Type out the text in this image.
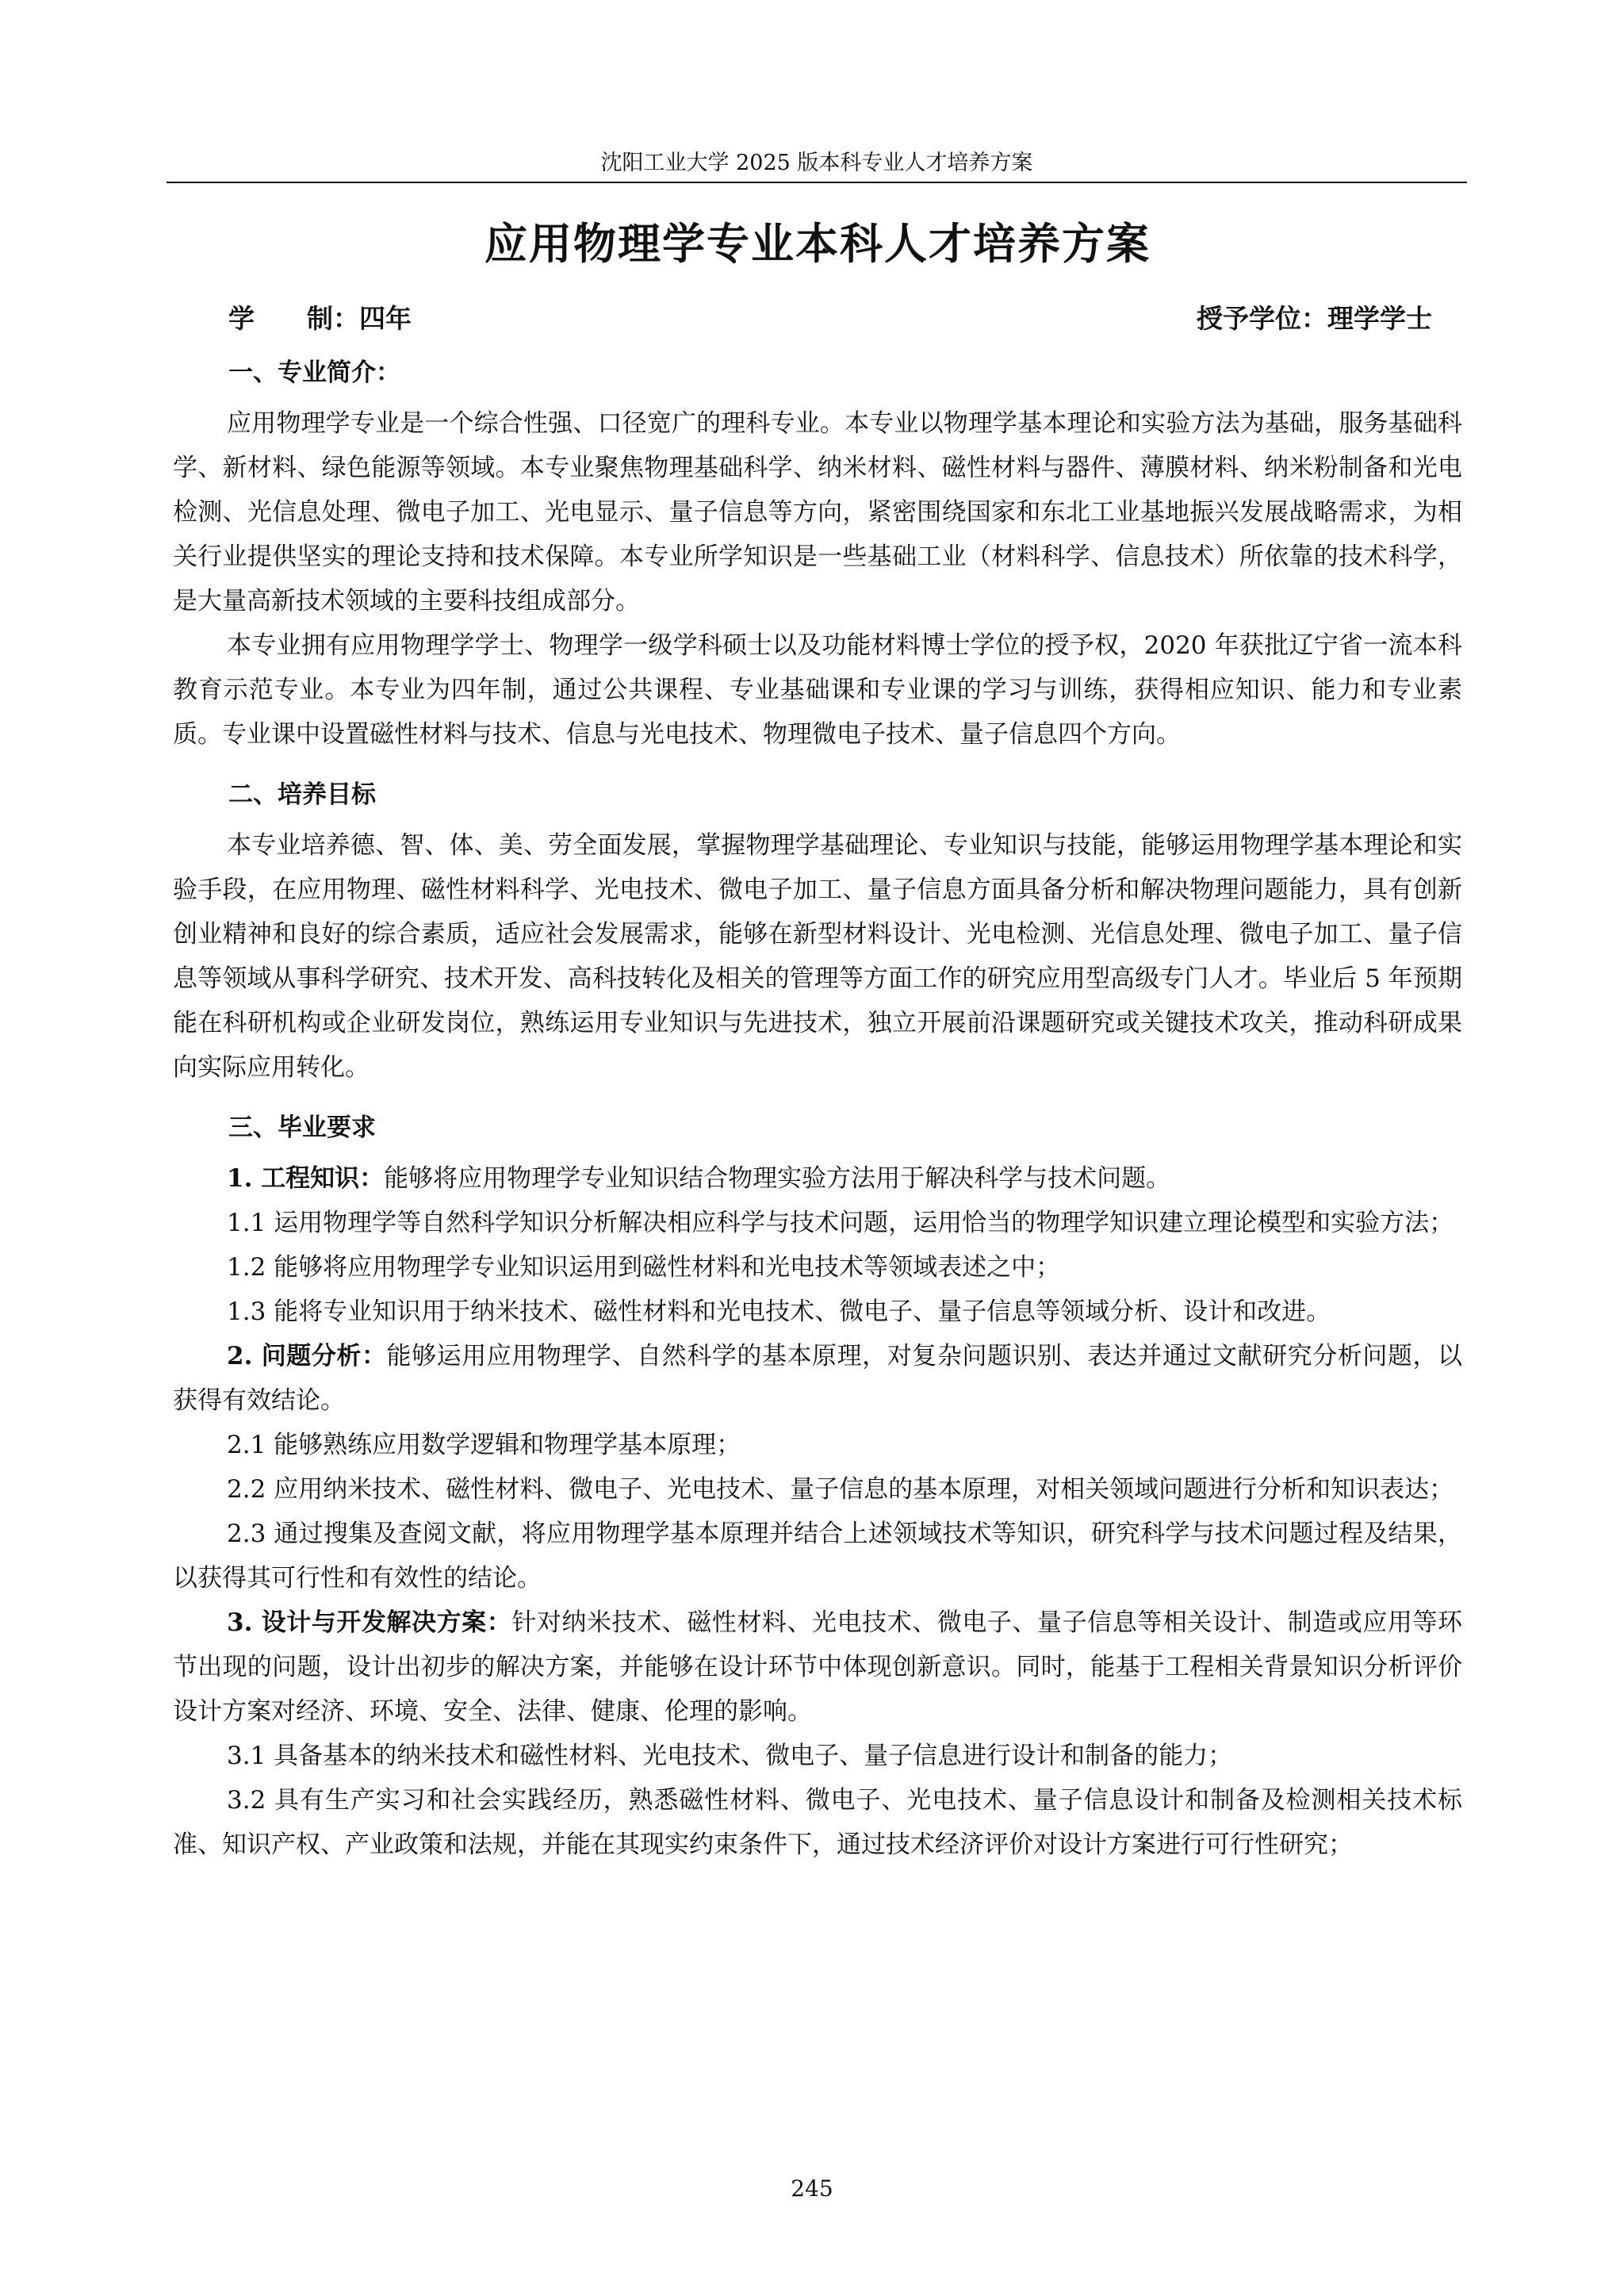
沈阳工业大学 2025 版本科专业人才培养方案
应用物理学专业本科人才培养方案
学　　制：四年	授予学位：理学学士
一、专业简介：

应用物理学专业是一个综合性强、口径宽广的理科专业。本专业以物理学基本理论和实验方法为基础，服务基础科学、新材料、绿色能源等领域。本专业聚焦物理基础科学、纳米材料、磁性材料与器件、薄膜材料、纳米粉制备和光电检测、光信息处理、微电子加工、光电显示、量子信息等方向，紧密围绕国家和东北工业基地振兴发展战略需求，为相关行业提供坚实的理论支持和技术保障。本专业所学知识是一些基础工业（材料科学、信息技术）所依靠的技术科学，是大量高新技术领域的主要科技组成部分。

本专业拥有应用物理学学士、物理学一级学科硕士以及功能材料博士学位的授予权，2020 年获批辽宁省一流本科教育示范专业。本专业为四年制，通过公共课程、专业基础课和专业课的学习与训练，获得相应知识、能力和专业素质。专业课中设置磁性材料与技术、信息与光电技术、物理微电子技术、量子信息四个方向。

二、培养目标

本专业培养德、智、体、美、劳全面发展，掌握物理学基础理论、专业知识与技能，能够运用物理学基本理论和实验手段，在应用物理、磁性材料科学、光电技术、微电子加工、量子信息方面具备分析和解决物理问题能力，具有创新创业精神和良好的综合素质，适应社会发展需求，能够在新型材料设计、光电检测、光信息处理、微电子加工、量子信息等领域从事科学研究、技术开发、高科技转化及相关的管理等方面工作的研究应用型高级专门人才。毕业后 5 年预期能在科研机构或企业研发岗位，熟练运用专业知识与先进技术，独立开展前沿课题研究或关键技术攻关，推动科研成果向实际应用转化。

三、毕业要求
1. 工程知识：能够将应用物理学专业知识结合物理实验方法用于解决科学与技术问题。

1.1 运用物理学等自然科学知识分析解决相应科学与技术问题，运用恰当的物理学知识建立理论模型和实验方法；

1.2 能够将应用物理学专业知识运用到磁性材料和光电技术等领域表述之中；

1.3 能将专业知识用于纳米技术、磁性材料和光电技术、微电子、量子信息等领域分析、设计和改进。

2. 问题分析：能够运用应用物理学、自然科学的基本原理，对复杂问题识别、表达并通过文献研究分析问题，以获得有效结论。

2.1 能够熟练应用数学逻辑和物理学基本原理；

2.2 应用纳米技术、磁性材料、微电子、光电技术、量子信息的基本原理，对相关领域问题进行分析和知识表达；

2.3 通过搜集及查阅文献，将应用物理学基本原理并结合上述领域技术等知识，研究科学与技术问题过程及结果，以获得其可行性和有效性的结论。

3. 设计与开发解决方案：针对纳米技术、磁性材料、光电技术、微电子、量子信息等相关设计、制造或应用等环节出现的问题，设计出初步的解决方案，并能够在设计环节中体现创新意识。同时，能基于工程相关背景知识分析评价设计方案对经济、环境、安全、法律、健康、伦理的影响。

3.1 具备基本的纳米技术和磁性材料、光电技术、微电子、量子信息进行设计和制备的能力；

3.2 具有生产实习和社会实践经历，熟悉磁性材料、微电子、光电技术、量子信息设计和制备及检测相关技术标准、知识产权、产业政策和法规，并能在其现实约束条件下，通过技术经济评价对设计方案进行可行性研究；

245
